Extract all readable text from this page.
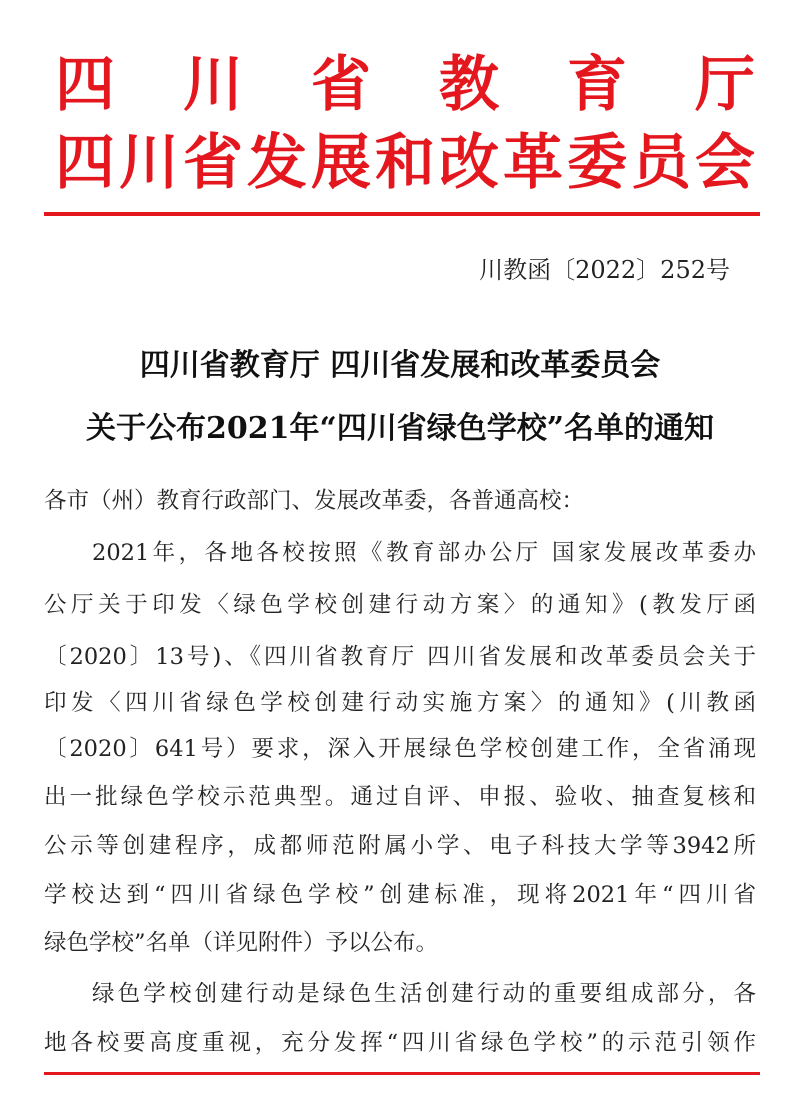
四 川 省 教 育 厅
四 川 省 发 展 和 改 革 委 员 会
川教函〔2022〕252号
四川省教育厅 四川省发展和改革委员会
关于公布2021年“四川省绿色学校”名单的通知
各市（州）教育行政部门、发展改革委，各普通高校：
2021年，各地各校按照《教育部办公厅 国家发展改革委办
公厅关于印发〈绿色学校创建行动方案〉的通知》(教发厅函
〔2020〕13号)、《四川省教育厅 四川省发展和改革委员会关于
印发〈四川省绿色学校创建行动实施方案〉的通知》(川教函
〔2020〕641号）要求，深入开展绿色学校创建工作，全省涌现
出一批绿色学校示范典型。通过自评、申报、验收、抽查复核和
公示等创建程序，成都师范附属小学、电子科技大学等3942所
学校达到“四川省绿色学校”创建标准，现将2021年“四川省
绿色学校”名单（详见附件）予以公布。
绿色学校创建行动是绿色生活创建行动的重要组成部分，各
地各校要高度重视，充分发挥“四川省绿色学校”的示范引领作
